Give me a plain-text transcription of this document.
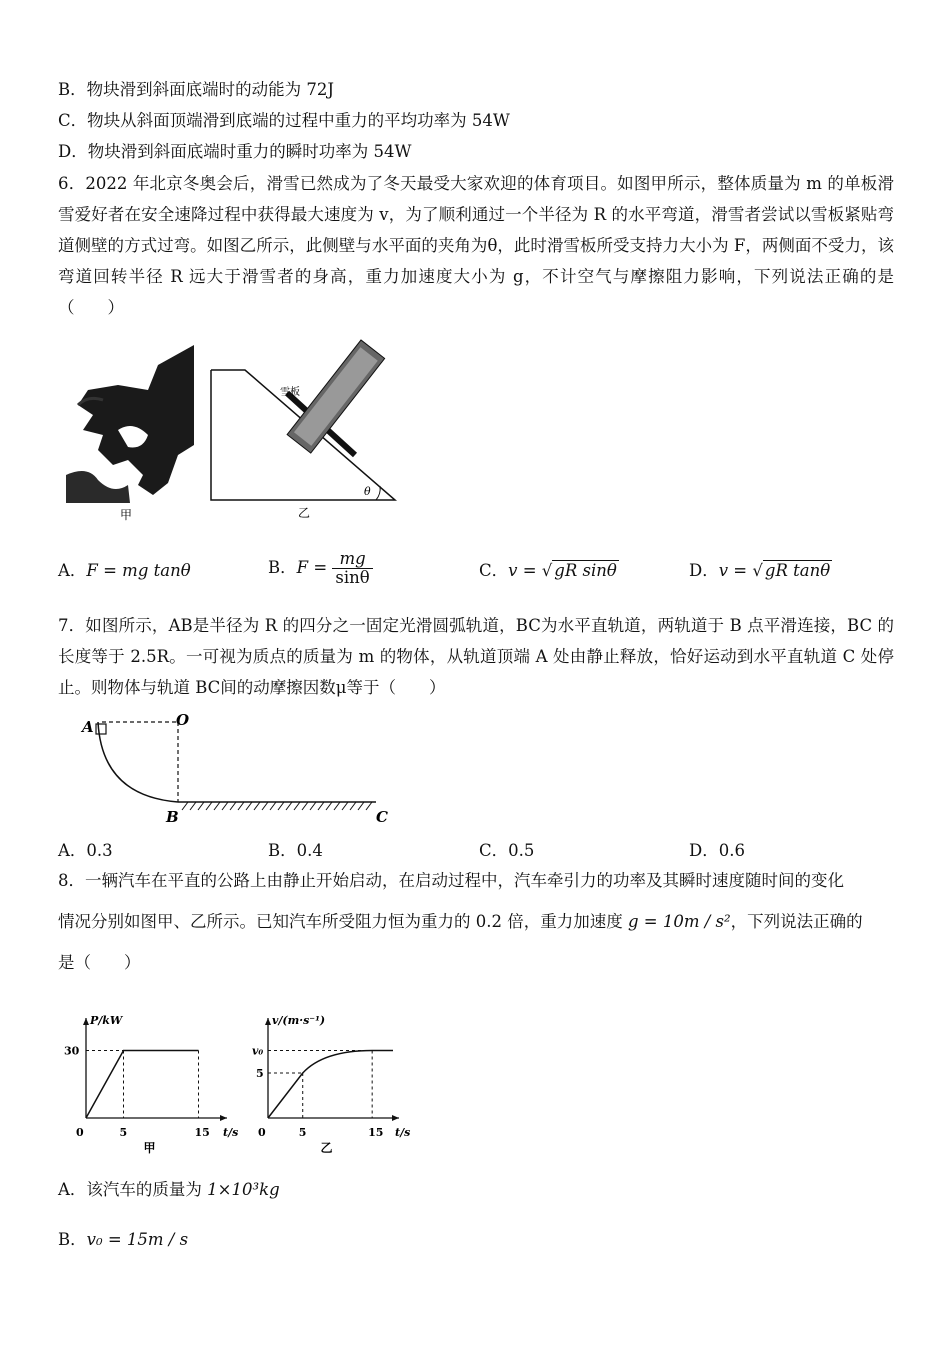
B．物块滑到斜面底端时的动能为 72J
C．物块从斜面顶端滑到底端的过程中重力的平均功率为 54W
D．物块滑到斜面底端时重力的瞬时功率为 54W
6．2022 年北京冬奥会后，滑雪已然成为了冬天最受大家欢迎的体育项目。如图甲所示，整体质量为 m 的单板滑雪爱好者在安全速降过程中获得最大速度为 v，为了顺利通过一个半径为 R 的水平弯道，滑雪者尝试以雪板紧贴弯道侧壁的方式过弯。如图乙所示，此侧壁与水平面的夹角为θ，此时滑雪板所受支持力大小为 F，两侧面不受力，该弯道回转半径 R 远大于滑雪者的身高，重力加速度大小为 g，不计空气与摩擦阻力影响，下列说法正确的是（　　）
甲
雪板
θ
乙
A．F = mg tanθ	B．$F = \frac{mg}{\sin\theta}$	C．v = √ gR sinθ	D．v = √ gR tanθ
7．如图所示，AB是半径为 R 的四分之一固定光滑圆弧轨道，BC为水平直轨道，两轨道于 B 点平滑连接，BC 的长度等于 2.5R。一可视为质点的质量为 m 的物体，从轨道顶端 A 处由静止释放，恰好运动到水平直轨道 C 处停止。则物体与轨道 BC间的动摩擦因数μ等于（　　）
A	O
B	C
A．0.3	B．0.4	C．0.5	D．0.6
8．一辆汽车在平直的公路上由静止开始启动，在启动过程中，汽车牵引力的功率及其瞬时速度随时间的变化
情况分别如图甲、乙所示。已知汽车所受阻力恒为重力的 0.2 倍，重力加速度 g = 10m / s²，下列说法正确的
是（　　）
P/kW
t/s
0	5	15
甲
30
v/(m·s⁻¹)
t/s
0	5	15
乙
5
v₀
A．该汽车的质量为 1×10³kg
B．v₀ = 15m / s
